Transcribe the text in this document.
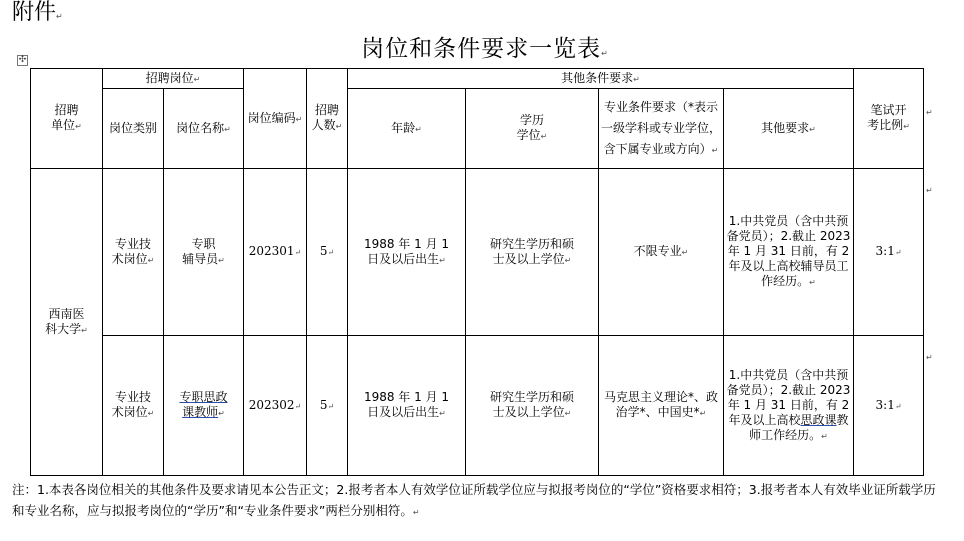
附件↵
岗位和条件要求一览表↵
✣
招聘
单位↵	招聘岗位↵		岗位编码↵	招聘
人数↵	其他条件要求↵				笔试开
考比例↵
	岗位类别	岗位名称↵			年龄↵	学历
学位↵	专业条件要求（*表示一级学科或专业学位，含下属专业或方向）↵	其他要求↵	
西南医
科大学↵	专业技
术岗位↵	专职
辅导员↵	202301↵	5↵	1988 年 1 月 1
日及以后出生↵	研究生学历和硕
士及以上学位↵	不限专业↵	1.中共党员（含中共预备党员）；2.截止 2023 年 1 月 31 日前，有 2 年及以上高校辅导员工作经历。↵	3:1↵
	专业技
术岗位↵	专职思政
课教师↵	202302↵	5↵	1988 年 1 月 1
日及以后出生↵	研究生学历和硕
士及以上学位↵	马克思主义理论*、政治学*、中国史*↵	1.中共党员（含中共预备党员）；2.截止 2023 年 1 月 31 日前，有 2 年及以上高校思政课教师工作经历。↵	3:1↵
↵
↵
↵
注：1.本表各岗位相关的其他条件及要求请见本公告正文；2.报考者本人有效学位证所载学位应与拟报考岗位的“学位”资格要求相符；3.报考者本人有效毕业证所载学历和专业名称，应与拟报考岗位的“学历”和“专业条件要求”两栏分别相符。↵
